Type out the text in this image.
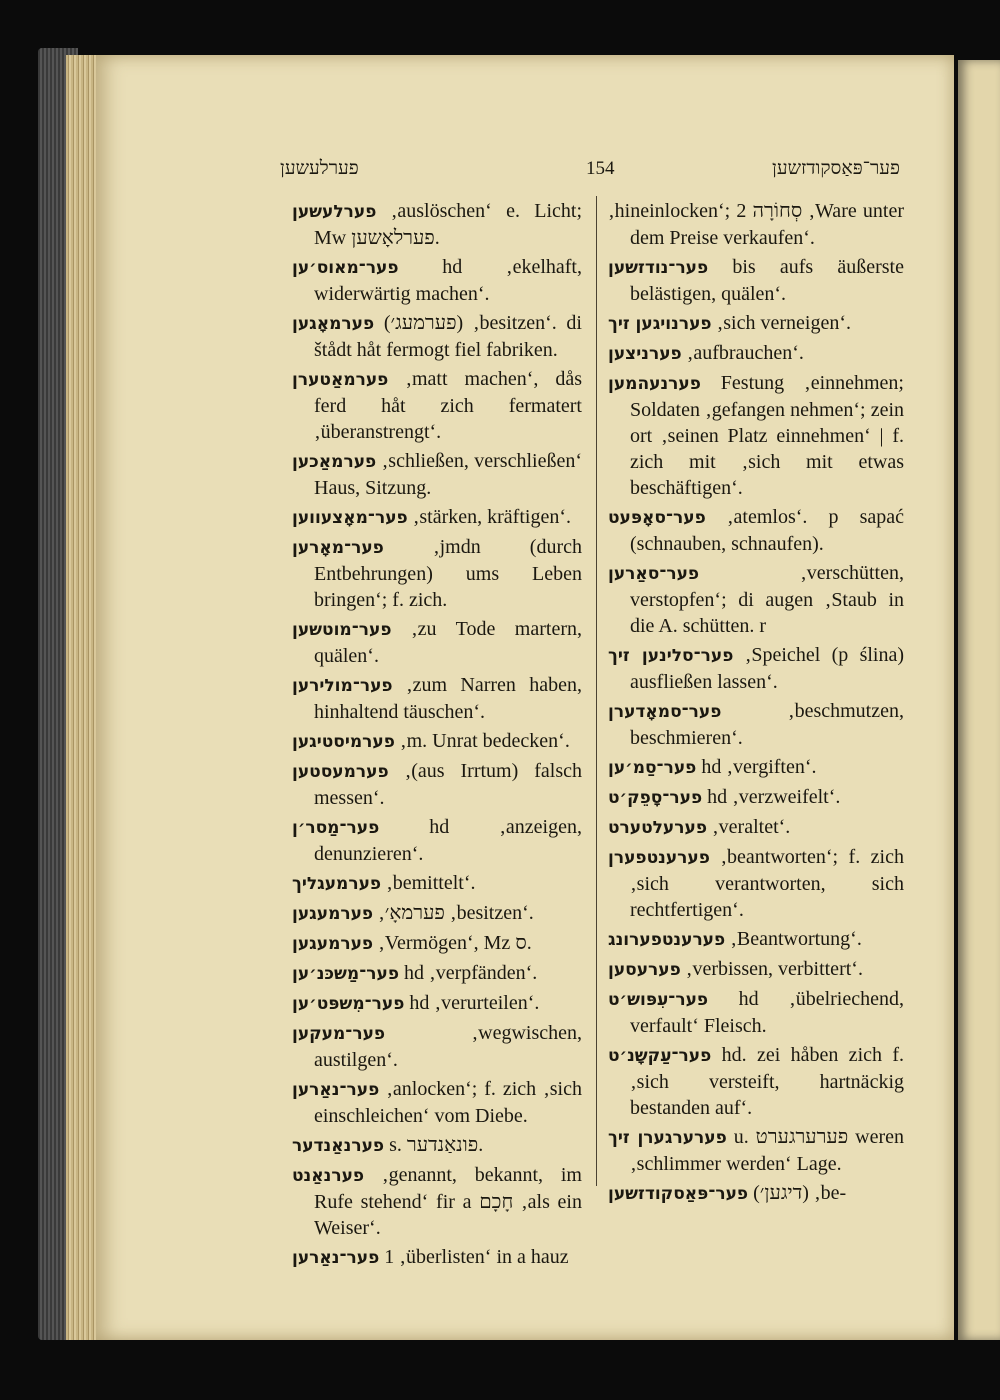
פערלעשען	154	פער־פּאַסקודזשען

פערלעשען ‚auslöschen‘ e. Licht; Mw פערלאָשען.

פער־מאוס׳ען hd ‚ekelhaft, widerwärtig machen‘.

פערמאָגען (פערמעג׳) ‚besitzen‘. di štådt håt fermogt fiel fabriken.

פערמאַטערן ‚matt machen‘, dås ferd håt zich fermatert ‚überanstrengt‘.

פערמאַכען ‚schließen, verschließen‘ Haus, Sitzung.

פער־מאָצעווען ‚stärken, kräftigen‘.

פער־מאָרען ‚jmdn (durch Entbehrungen) ums Leben bringen‘; f. zich.

פער־מוטשען ‚zu Tode martern, quälen‘.

פער־מולירען ‚zum Narren haben, hinhaltend täuschen‘.

פערמיסטיגען ‚m. Unrat bedecken‘.

פערמעסטען ‚(aus Irrtum) falsch messen‘.

פער־מַסר׳ן hd ‚anzeigen, denunzieren‘.

פערמעגליך ‚bemittelt‘.

פערמעגען ‚פערמאָ׳ ‚besitzen‘.

פערמעגען ‚Vermögen‘, Mz ס.

פער־מַשכּנ׳ען hd ‚verpfänden‘.

פער־מִשפּט׳ען hd ‚verurteilen‘.

פער־מעקען ‚wegwischen, austilgen‘.

פער־נאַרען ‚anlocken‘; f. zich ‚sich einschleichen‘ vom Diebe.

פערנאַנדער s. פונאַנדער.

פערנאַנט ‚genannt, bekannt, im Rufe stehend‘ fir a חָכָם ‚als ein Weiser‘.

פער־נאַרען 1 ‚überlisten‘ in a hauz

‚hineinlocken‘; 2 סְחוֹרָה ‚Ware unter dem Preise verkaufen‘.

פער־נודזשען bis aufs äußerste belästigen, quälen‘.

פערנויגען זיך ‚sich verneigen‘.

פערניצען ‚aufbrauchen‘.

פערנעהמען Festung ‚einnehmen; Soldaten ‚gefangen nehmen‘; zein ort ‚seinen Platz einnehmen‘ | f. zich mit ‚sich mit etwas beschäftigen‘.

פער־סאָפּעט ‚atemlos‘. p sapać (schnauben, schnaufen).

פער־סאַרען ‚verschütten, verstopfen‘; di augen ‚Staub in die A. schütten. r

פער־סלינען זיך ‚Speichel (p ślina) ausfließen lassen‘.

פער־סמאָדערן ‚beschmutzen, beschmieren‘.

פער־סַמ׳ען hd ‚vergiften‘.

פער־סָפֵק׳ט hd ‚verzweifelt‘.

פערעלטערט ‚veraltet‘.

פערענטפערן ‚beantworten‘; f. zich ‚sich verantworten, sich rechtfertigen‘.

פערענטפערונג ‚Beantwortung‘.

פערעסען ‚verbissen, verbittert‘.

פער־עִפּוש׳ט hd ‚übelriechend, verfault‘ Fleisch.

פער־עַקשָנ׳ט hd. zei håben zich f. ‚sich versteift, hartnäckig bestanden auf‘.

פערערגערן זיך u. פערערגערט weren ‚schlimmer werden‘ Lage.

פער־פּאַסקודזשען (דיגען׳) ‚be-
